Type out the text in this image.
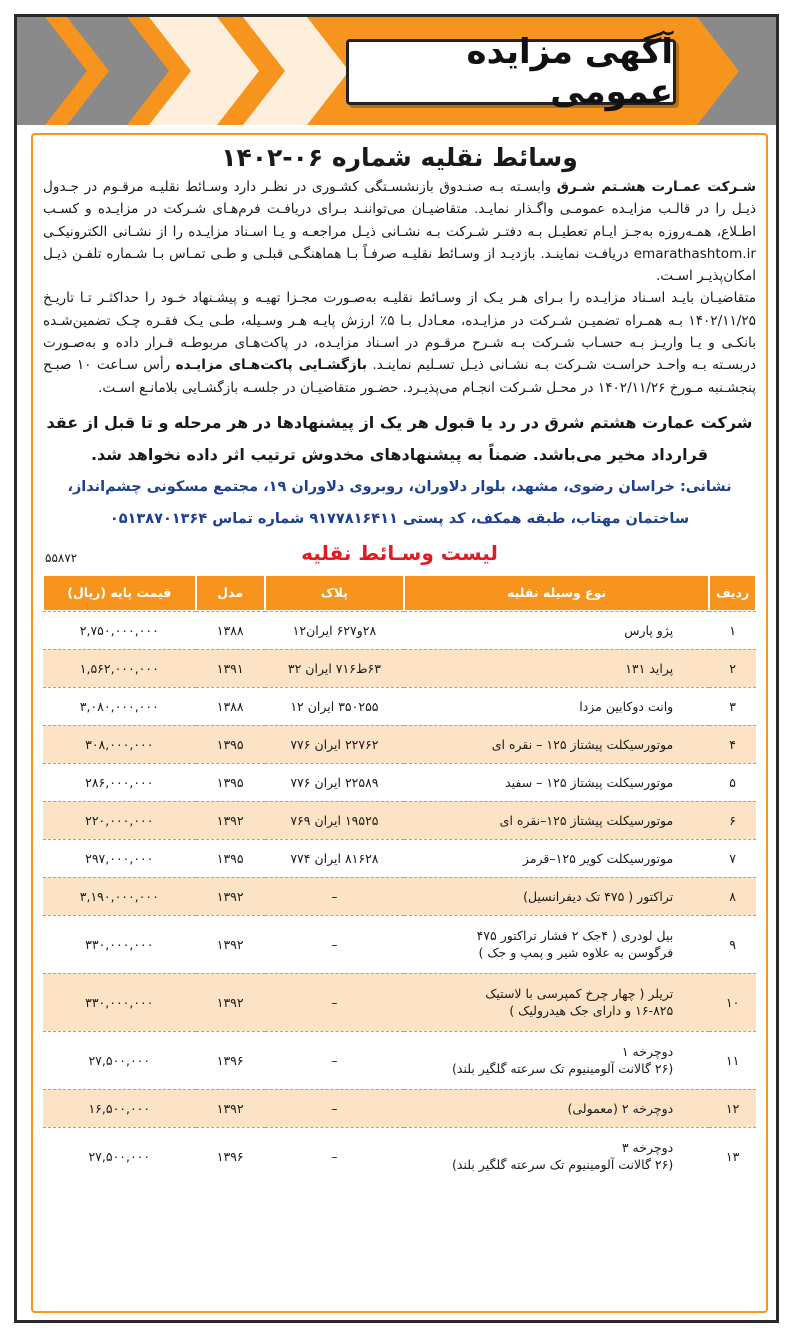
آگهی مزایده عمومی
وسائط نقلیه شماره ۰۶-۱۴۰۲

شـرکت عمـارت هشـتم شـرق وابسـته بـه صنـدوق بازنشسـتگی کشـوری در نظـر دارد وسـائط نقلیـه مرقـوم در جـدول ذیـل را در قالـب مزایـده عمومـی واگـذار نمایـد. متقاضیـان می‌تواننـد بـرای دریافـت فرم‌هـای شـرکت در مزایـده و کسـب اطـلاع، همـه‌روزه به‌جـز ایـام تعطیـل بـه دفتـر شـرکت بـه نشـانی ذیـل مراجعـه و یـا اسـناد مزایـده را از نشـانی الکترونیکـی emarathashtom.ir دریافـت نماینـد. بازدیـد از وسـائط نقلیـه صرفـاً بـا هماهنگـی قبلـی و طـی تمـاس بـا شـماره تلفـن ذیـل امکان‌پذیـر اسـت.

متقاضیـان بایـد اسـناد مزایـده را بـرای هـر یـک از وسـائط نقلیـه به‌صـورت مجـزا تهیـه و پیشـنهاد خـود را حداکثـر تـا تاریـخ ۱۴۰۲/۱۱/۲۵ بـه همـراه تضمیـن شـرکت در مزایـده، معـادل بـا ۵٪ ارزش پایـه هـر وسـیله، طـی یـک فقـره چـک تضمین‌شـده بانکـی و یـا واریـز بـه حسـاب شـرکت بـه شـرح مرقـوم در اسـناد مزایـده، در پاکت‌هـای مربوطـه قـرار داده و به‌صـورت دربسـته بـه واحـد حراسـت شـرکت بـه نشـانی ذیـل تسـلیم نماینـد. بازگشـایی پاکت‌هـای مزایـده رأس سـاعت ۱۰ صبـح پنجشـنبه مـورخ ۱۴۰۲/۱۱/۲۶ در محـل شـرکت انجـام می‌پذیـرد. حضـور متقاضیـان در جلسـه بازگشـایی بلامانـع اسـت.

شرکت عمارت هشتم شرق در رد یا قبول هر یک از پیشنهادها در هر مرحله و تا قبل از عقد
قرارداد مخیر می‌باشد. ضمناً به پیشنهادهای مخدوش ترتیب اثر داده نخواهد شد.
نشانی: خراسان رضوی، مشهد، بلوار دلاوران، روبروی دلاوران ۱۹، مجتمع مسکونی چشم‌انداز،
ساختمان مهتاب، طبقه همکف، کد پستی ۹۱۷۷۸۱۶۴۱۱ شماره تماس ۰۵۱۳۸۷۰۱۳۶۴
لیست وسـائط نقلیه
۵۵۸۷۲
ردیف	نوع وسیله نقلیه	پلاک	مدل	قیمت پایه (ریال)
۱	پژو پارس	۲۸و۶۲۷ ایران۱۲	۱۳۸۸	۲,۷۵۰,۰۰۰,۰۰۰
۲	پراید ۱۳۱	۶۳ط۷۱۶ ایران ۳۲	۱۳۹۱	۱,۵۶۲,۰۰۰,۰۰۰
۳	وانت دوکابین مزدا	۳۵۰۲۵۵ ایران ۱۲	۱۳۸۸	۳,۰۸۰,۰۰۰,۰۰۰
۴	موتورسیکلت پیشتاز ۱۲۵ – نقره ای	۲۲۷۶۲ ایران ۷۷۶	۱۳۹۵	۳۰۸,۰۰۰,۰۰۰
۵	موتورسیکلت پیشتاز ۱۲۵ – سفید	۲۲۵۸۹ ایران ۷۷۶	۱۳۹۵	۲۸۶,۰۰۰,۰۰۰
۶	موتورسیکلت پیشتاز ۱۲۵–نقره ای	۱۹۵۲۵ ایران ۷۶۹	۱۳۹۲	۲۲۰,۰۰۰,۰۰۰
۷	موتورسیکلت کویر ۱۲۵–قرمز	۸۱۶۲۸ ایران ۷۷۴	۱۳۹۵	۲۹۷,۰۰۰,۰۰۰
۸	تراکتور ( ۴۷۵ تک دیفرانسیل)	–	۱۳۹۲	۳,۱۹۰,۰۰۰,۰۰۰
۹	بیل لودری ( ۴جک ۲ فشار تراکتور ۴۷۵
فرگوسن به علاوه شیر و پمپ و جک )	–	۱۳۹۲	۳۳۰,۰۰۰,۰۰۰
۱۰	تریلر ( چهار چرخ کمپرسی با لاستیک
۱۶-۸۲۵ و دارای جک هیدرولیک )	–	۱۳۹۲	۳۳۰,۰۰۰,۰۰۰
۱۱	دوچرخه ۱
(۲۶ گالانت آلومینیوم تک سرعته گلگیر بلند)	–	۱۳۹۶	۲۷,۵۰۰,۰۰۰
۱۲	دوچرخه ۲ (معمولی)	–	۱۳۹۲	۱۶,۵۰۰,۰۰۰
۱۳	دوچرخه ۳
(۲۶ گالانت آلومینیوم تک سرعته گلگیر بلند)	–	۱۳۹۶	۲۷,۵۰۰,۰۰۰
